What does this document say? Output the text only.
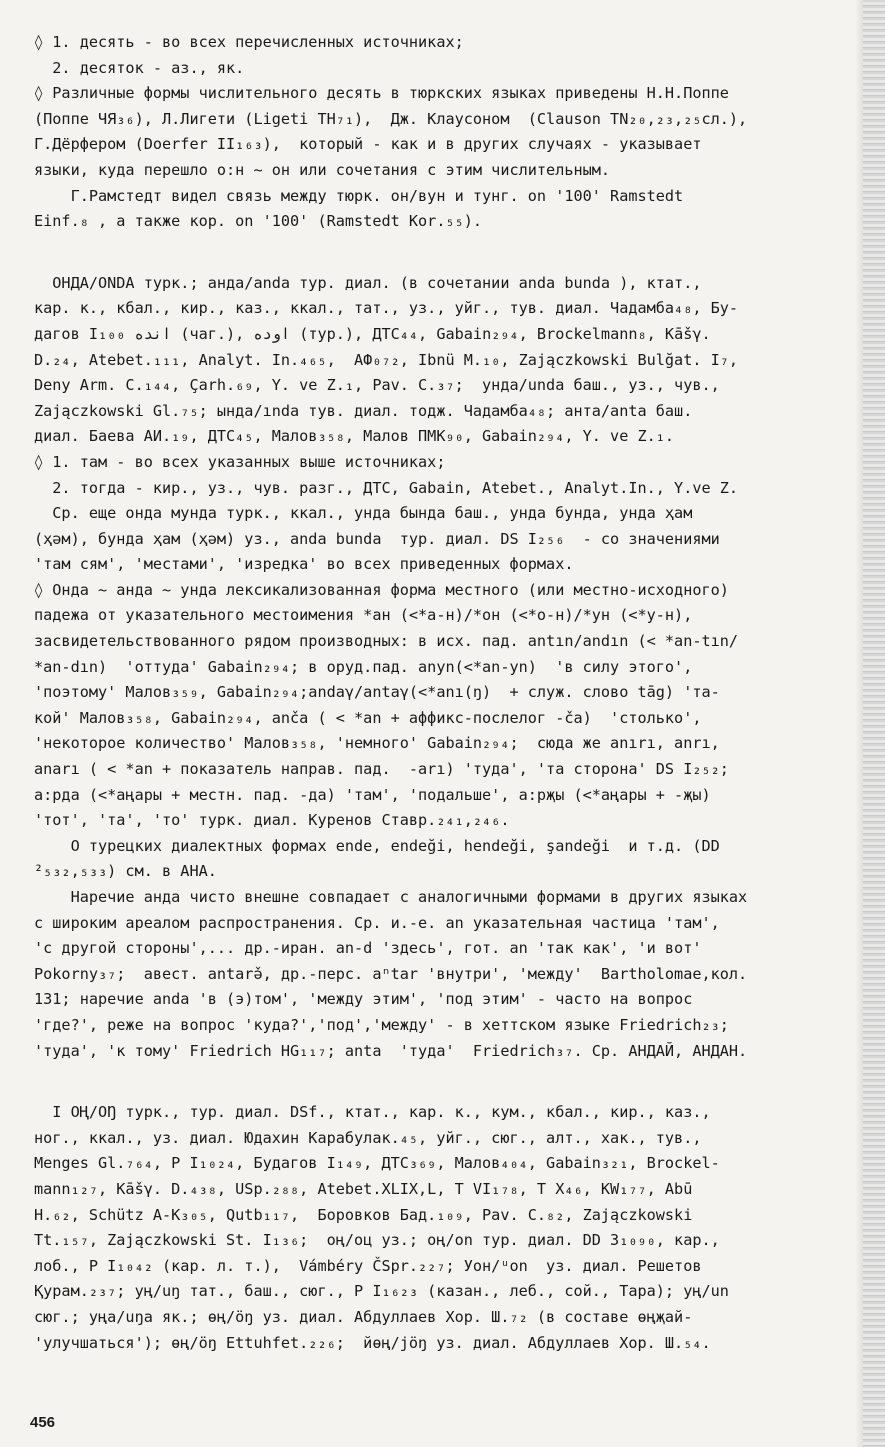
◊ 1. десять - во всех перечисленных источниках;
2. десяток - аз., як.
◊ Различные формы числительного десять в тюркских языках приведены Н.Н.Поппе
(Поппе ЧЯ₃₆), Л.Лигети (Ligeti TH₇₁),  Дж. Клаусоном  (Clauson TN₂₀,₂₃,₂₅сл.),
Г.Дёрфером (Doerfer II₁₆₃),  который - как и в других случаях - указывает
языки, куда перешло о:н ~ он или сочетания с этим числительным.
Г.Рамстедт видел связь между тюрк. он/вун и тунг. on '100' Ramstedt
Einf.₈ , а также кор. on '100' (Ramstedt Kor.₅₅).
ОНДА/ONDA турк.; анда/anda тур. диал. (в сочетании anda bunda ), ктат.,
кар. к., кбал., кир., каз., ккал., тат., уз., уйг., тув. диал. Чадамба₄₈, Бу-
дагов I₁₀₀ انده (чаг.), اوده (тур.), ДТС₄₄, Gabain₂₉₄, Brockelmann₈, Kāšγ.
D.₂₄, Atebet.₁₁₁, Analyt. In.₄₆₅,  АФ₀₇₂, Ibnü M.₁₀, Zajączkowski Bulğat. I₇,
Deny Arm. C.₁₄₄, Çarh.₆₉, Y. ve Z.₁, Pav. C.₃₇;  унда/unda баш., уз., чув.,
Zajączkowski Gl.₇₅; ында/ında тув. диал. тодж. Чадамба₄₈; анта/anta баш.
диал. Баева АИ.₁₉, ДТС₄₅, Малов₃₅₈, Малов ПМК₉₀, Gabain₂₉₄, Y. ve Z.₁.
◊ 1. там - во всех указанных выше источниках;
2. тогда - кир., уз., чув. разг., ДТС, Gabain, Atebet., Analyt.In., Y.ve Z.
Ср. еще онда мунда турк., ккал., унда бында баш., унда бунда, унда ҳам
(ҳәм), бунда ҳам (ҳәм) уз., anda bunda  тур. диал. DS I₂₅₆  - со значениями
'там сям', 'местами', 'изредка' во всех приведенных формах.
◊ Онда ~ анда ~ унда лексикализованная форма местного (или местно-исходного)
падежа от указательного местоимения *ан (<*а-н)/*он (<*о-н)/*ун (<*у-н),
засвидетельствованного рядом производных: в исх. пад. antın/andın (< *an-tın/
*an-dın)  'оттуда' Gabain₂₉₄; в оруд.пад. anyn(<*an-yn)  'в силу этого',
'поэтому' Малов₃₅₉, Gabain₂₉₄;andaγ/antaγ(<*anı(ŋ)  + служ. слово tāg) 'та-
кой' Малов₃₅₈, Gabain₂₉₄, anča ( < *an + аффикс-послелог -ča)  'столько',
'некоторое количество' Малов₃₅₈, 'немного' Gabain₂₉₄;  сюда же anırı, anrı,
anarı ( < *an + показатель направ. пад.  -arı) 'туда', 'та сторона' DS I₂₅₂;
а:рда (<*аңары + местн. пад. -да) 'там', 'подальше', а:рҗы (<*аңары + -җы)
'тот', 'та', 'то' турк. диал. Куренов Ставр.₂₄₁,₂₄₆.
О турецких диалектных формах ende, endeği, hendeği, şandeği  и т.д. (DD
²₅₃₂,₅₃₃) см. в АНА.
Наречие анда чисто внешне совпадает с аналогичными формами в других языках
с широким ареалом распространения. Ср. и.-е. an указательная частица 'там',
'с другой стороны',... др.-иран. an-d 'здесь', гот. an 'так как', 'и вот'
Pokorny₃₇;  авест. antarə̌, др.-перс. aⁿtar 'внутри', 'между'  Bartholomae,кол.
131; наречие anda 'в (э)том', 'между этим', 'под этим' - часто на вопрос
'где?', реже на вопрос 'куда?','под','между' - в хеттском языке Friedrich₂₃;
'туда', 'к тому' Friedrich HG₁₁₇; anta  'туда'  Friedrich₃₇. Ср. АНДАЙ, АНДАН.
I ОҢ/OŊ турк., тур. диал. DSf., ктат., кар. к., кум., кбал., кир., каз.,
ног., ккал., уз. диал. Юдахин Карабулак.₄₅, уйг., сюг., алт., хак., тув.,
Menges Gl.₇₆₄, P I₁₀₂₄, Будагов I₁₄₉, ДТС₃₆₉, Малов₄₀₄, Gabain₃₂₁, Brockel-
mann₁₂₇, Kāšγ. D.₄₃₈, USp.₂₈₈, Atebet.XLIX,L, T VI₁₇₈, T X₄₆, KW₁₇₇, Abū
H.₆₂, Schütz A-K₃₀₅, Qutb₁₁₇,  Боровков Бад.₁₀₉, Pav. C.₈₂, Zajączkowski
Tt.₁₅₇, Zajączkowski St. I₁₃₆;  оң/оц уз.; оң/on тур. диал. DD 3₁₀₉₀, кар.,
лоб., P I₁₀₄₂ (кар. л. т.),  Vámbéry ČSpr.₂₂₇; Уон/ᵘon  уз. диал. Решетов
Қурам.₂₃₇; уң/uŋ тат., баш., сюг., P I₁₆₂₃ (казан., леб., сой., Тара); уң/un
сюг.; уңа/uŋa як.; өң/öŋ уз. диал. Абдуллаев Хор. Ш.₇₂ (в составе өңҗай-
'улучшаться'); өң/öŋ Ettuhfet.₂₂₆;  йөң/jöŋ уз. диал. Абдуллаев Хор. Ш.₅₄.
456
